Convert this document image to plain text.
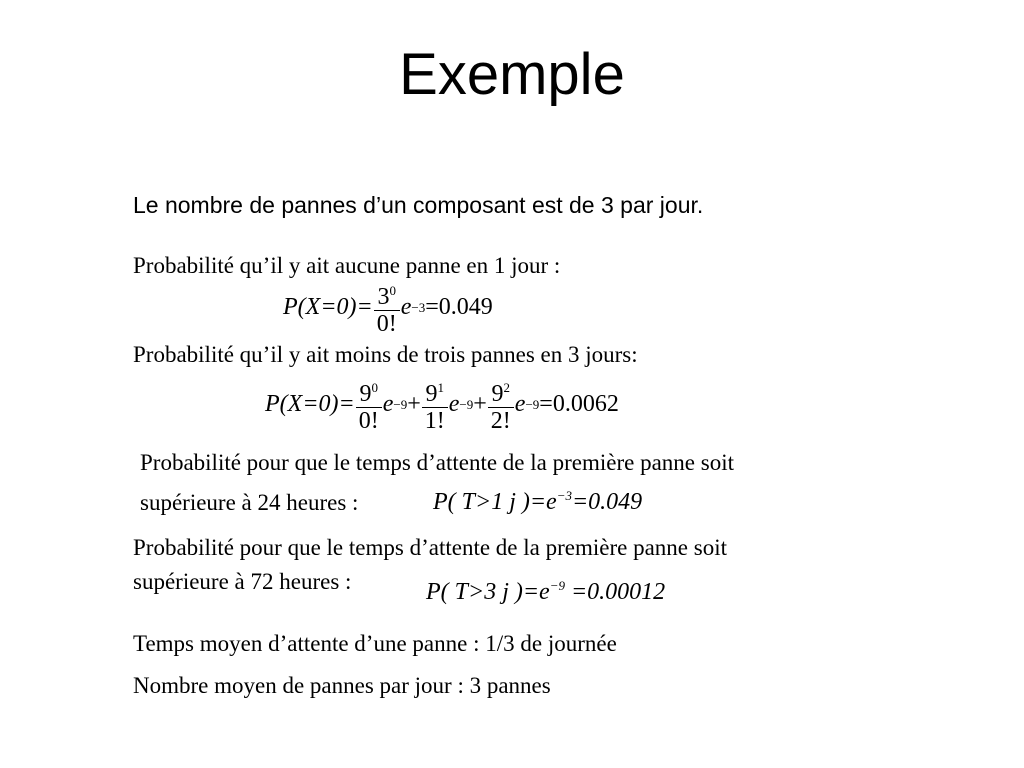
Exemple
Le nombre de pannes d’un composant est de 3 par jour.
Probabilité qu’il y ait aucune panne en 1 jour :
$P(X=0)= \frac{3^0}{0!}$ e −3 =0.049
Probabilité qu’il y ait moins de trois pannes en 3 jours:
$P(X=0)= \frac{9^0}{0!}$ $e -9 + \frac{9^1}{1!}$ $e -9 + \frac{9^2}{2!}$ e −9 =0.0062
Probabilité pour que le temps d’attente de la première panne soit
supérieure à 24 heures :	P( T>1 j )$=e^{-3}=0.049$
Probabilité pour que le temps d’attente de la première panne soit
supérieure à 72 heures :	P( T>3 j )$=e^{-9} =0.00012$
Temps moyen d’attente d’une panne : 1/3 de journée
Nombre moyen de pannes par jour : 3 pannes
